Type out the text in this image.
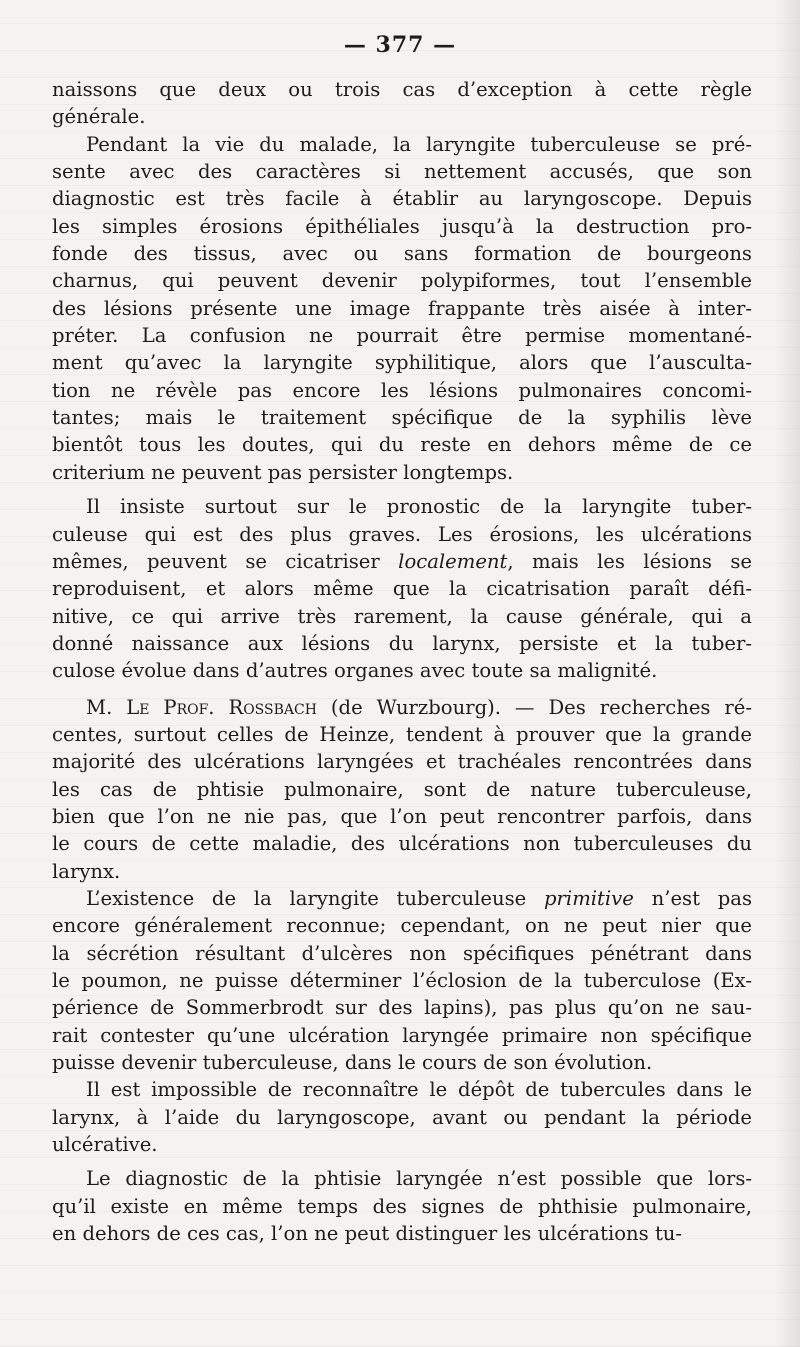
— 377 —
naissons que deux ou trois cas d’exception à cette règle
générale.
Pendant la vie du malade, la laryngite tuberculeuse se pré-
sente avec des caractères si nettement accusés, que son
diagnostic est très facile à établir au laryngoscope. Depuis
les simples érosions épithéliales jusqu’à la destruction pro-
fonde des tissus, avec ou sans formation de bourgeons
charnus, qui peuvent devenir polypiformes, tout l’ensemble
des lésions présente une image frappante très aisée à inter-
préter. La confusion ne pourrait être permise momentané-
ment qu’avec la laryngite syphilitique, alors que l’ausculta-
tion ne révèle pas encore les lésions pulmonaires concomi-
tantes; mais le traitement spécifique de la syphilis lève
bientôt tous les doutes, qui du reste en dehors même de ce
criterium ne peuvent pas persister longtemps.
Il insiste surtout sur le pronostic de la laryngite tuber-
culeuse qui est des plus graves. Les érosions, les ulcérations
mêmes, peuvent se cicatriser localement, mais les lésions se
reproduisent, et alors même que la cicatrisation paraît défi-
nitive, ce qui arrive très rarement, la cause générale, qui a
donné naissance aux lésions du larynx, persiste et la tuber-
culose évolue dans d’autres organes avec toute sa malignité.
M. Le Prof. Rossbach (de Wurzbourg). — Des recherches ré-
centes, surtout celles de Heinze, tendent à prouver que la grande
majorité des ulcérations laryngées et trachéales rencontrées dans
les cas de phtisie pulmonaire, sont de nature tuberculeuse,
bien que l’on ne nie pas, que l’on peut rencontrer parfois, dans
le cours de cette maladie, des ulcérations non tuberculeuses du
larynx.
L’existence de la laryngite tuberculeuse primitive n’est pas
encore généralement reconnue; cependant, on ne peut nier que
la sécrétion résultant d’ulcères non spécifiques pénétrant dans
le poumon, ne puisse déterminer l’éclosion de la tuberculose (Ex-
périence de Sommerbrodt sur des lapins), pas plus qu’on ne sau-
rait contester qu’une ulcération laryngée primaire non spécifique
puisse devenir tuberculeuse, dans le cours de son évolution.
Il est impossible de reconnaître le dépôt de tubercules dans le
larynx, à l’aide du laryngoscope, avant ou pendant la période
ulcérative.
Le diagnostic de la phtisie laryngée n’est possible que lors-
qu’il existe en même temps des signes de phthisie pulmonaire,
en dehors de ces cas, l’on ne peut distinguer les ulcérations tu-
